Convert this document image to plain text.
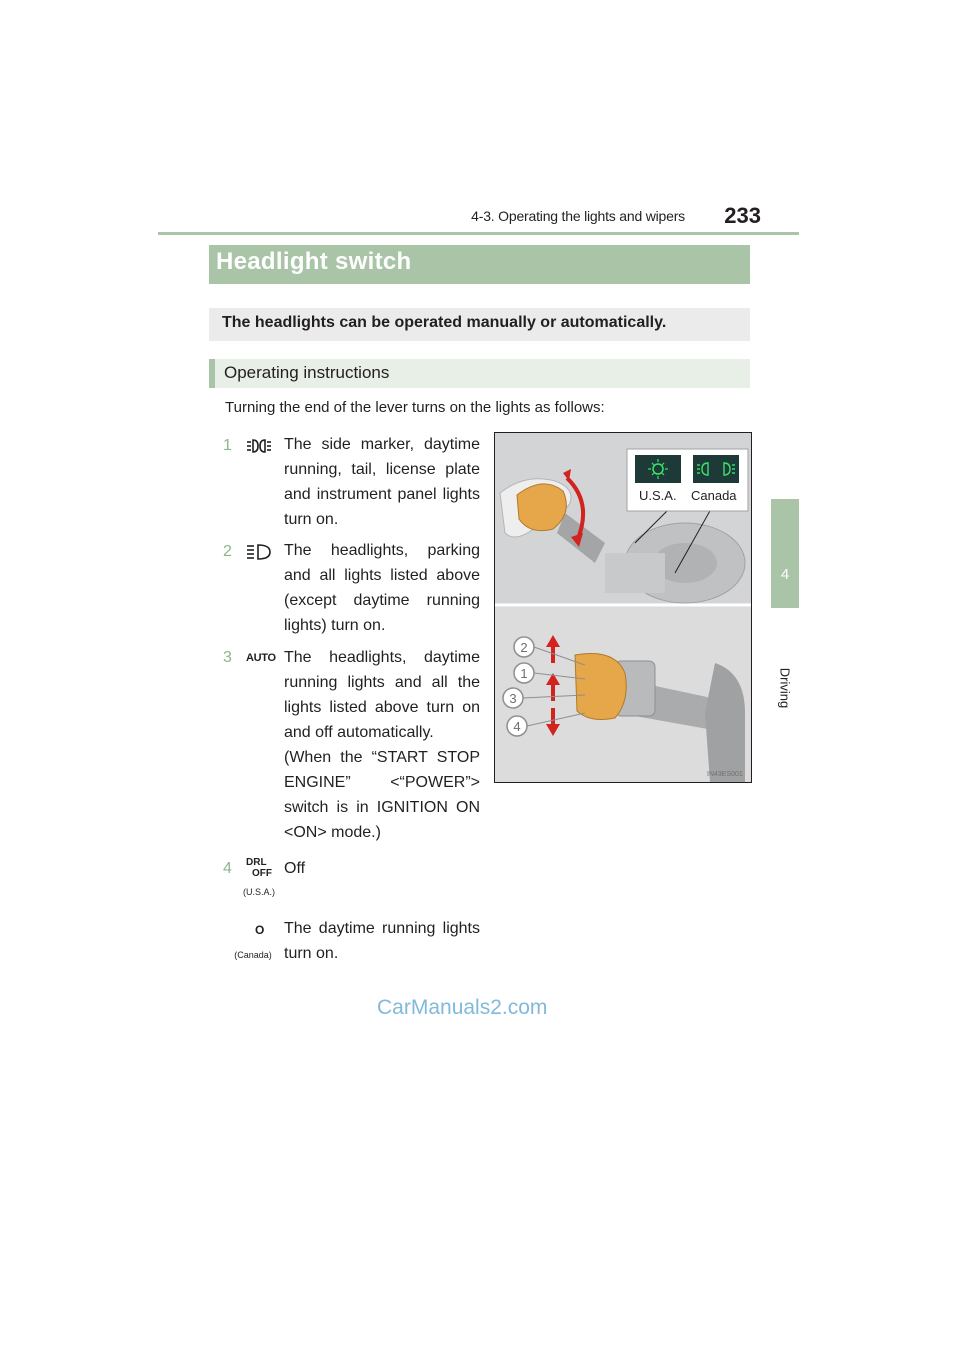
4-3. Operating the lights and wipers	233
4
Driving
Headlight switch
The headlights can be operated manually or automatically.
Operating instructions
Turning the end of the lever turns on the lights as follows:
1	The side marker, daytime running, tail, license plate and instrument panel lights turn on.
2	The headlights, parking and all lights listed above (except daytime running lights) turn on.
3 AUTO The headlights, daytime running lights and all the lights listed above turn on and off automatically.
(When the “START STOP ENGINE” <“POWER”> switch is in IGNITION ON <ON> mode.)
4 DRL
OFF
(U.S.A.)
Off
O
(Canada)
The daytime running lights turn on.
U.S.A. Canada
2
1
3
4
IN43ES001
CarManuals2.com
